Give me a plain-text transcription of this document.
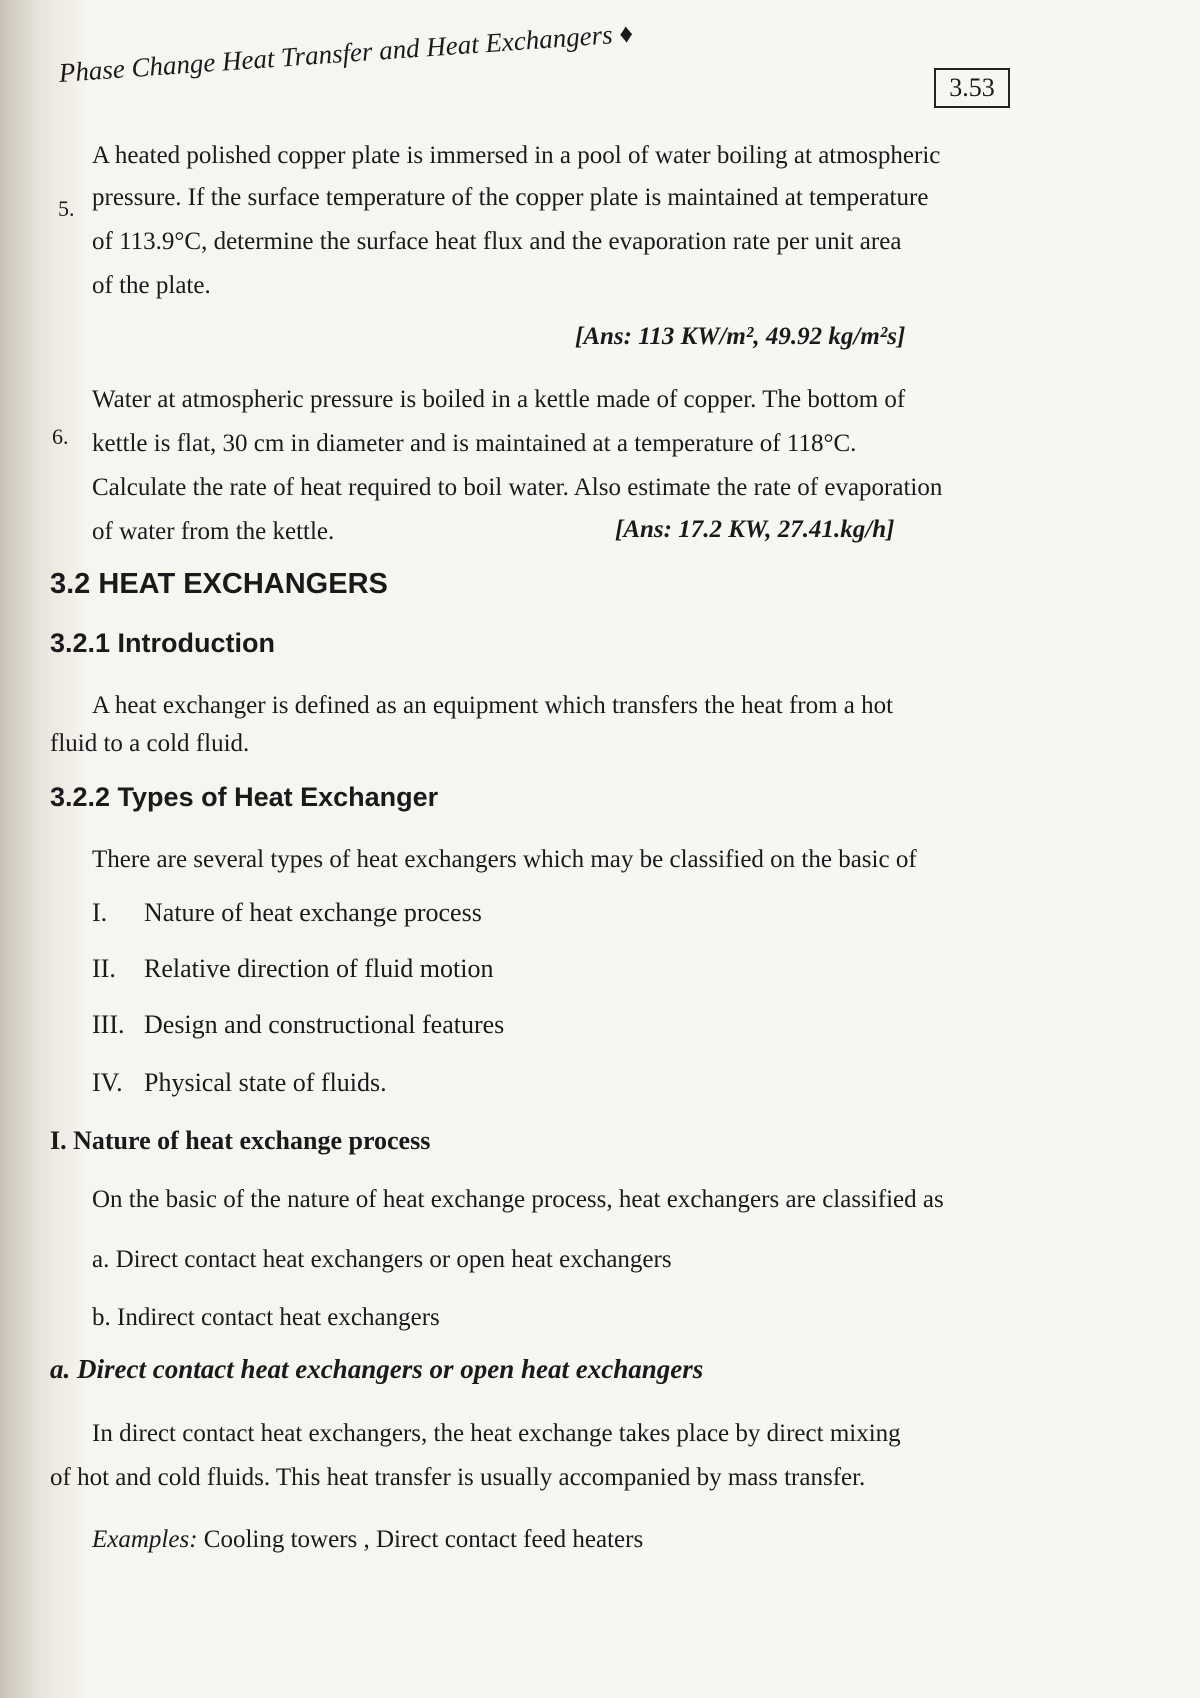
Phase Change Heat Transfer and Heat Exchangers ♦	3.53
5.
A heated polished copper plate is immersed in a pool of water boiling at atmospheric
pressure. If the surface temperature of the copper plate is maintained at temperature
of 113.9°C, determine the surface heat flux and the evaporation rate per unit area
of the plate.
[Ans: 113 KW/m², 49.92 kg/m²s]
6.
Water at atmospheric pressure is boiled in a kettle made of copper. The bottom of
kettle is flat, 30 cm in diameter and is maintained at a temperature of 118°C.
Calculate the rate of heat required to boil water. Also estimate the rate of evaporation
of water from the kettle.	[Ans: 17.2 KW, 27.41.kg/h]
3.2 HEAT EXCHANGERS
3.2.1 Introduction
A heat exchanger is defined as an equipment which transfers the heat from a hot
fluid to a cold fluid.
3.2.2 Types of Heat Exchanger
There are several types of heat exchangers which may be classified on the basic of
I. Nature of heat exchange process
II. Relative direction of fluid motion
III. Design and constructional features
IV. Physical state of fluids.
I. Nature of heat exchange process
On the basic of the nature of heat exchange process, heat exchangers are classified as
a. Direct contact heat exchangers or open heat exchangers
b. Indirect contact heat exchangers
a. Direct contact heat exchangers or open heat exchangers
In direct contact heat exchangers, the heat exchange takes place by direct mixing
of hot and cold fluids. This heat transfer is usually accompanied by mass transfer.
Examples: Cooling towers , Direct contact feed heaters
